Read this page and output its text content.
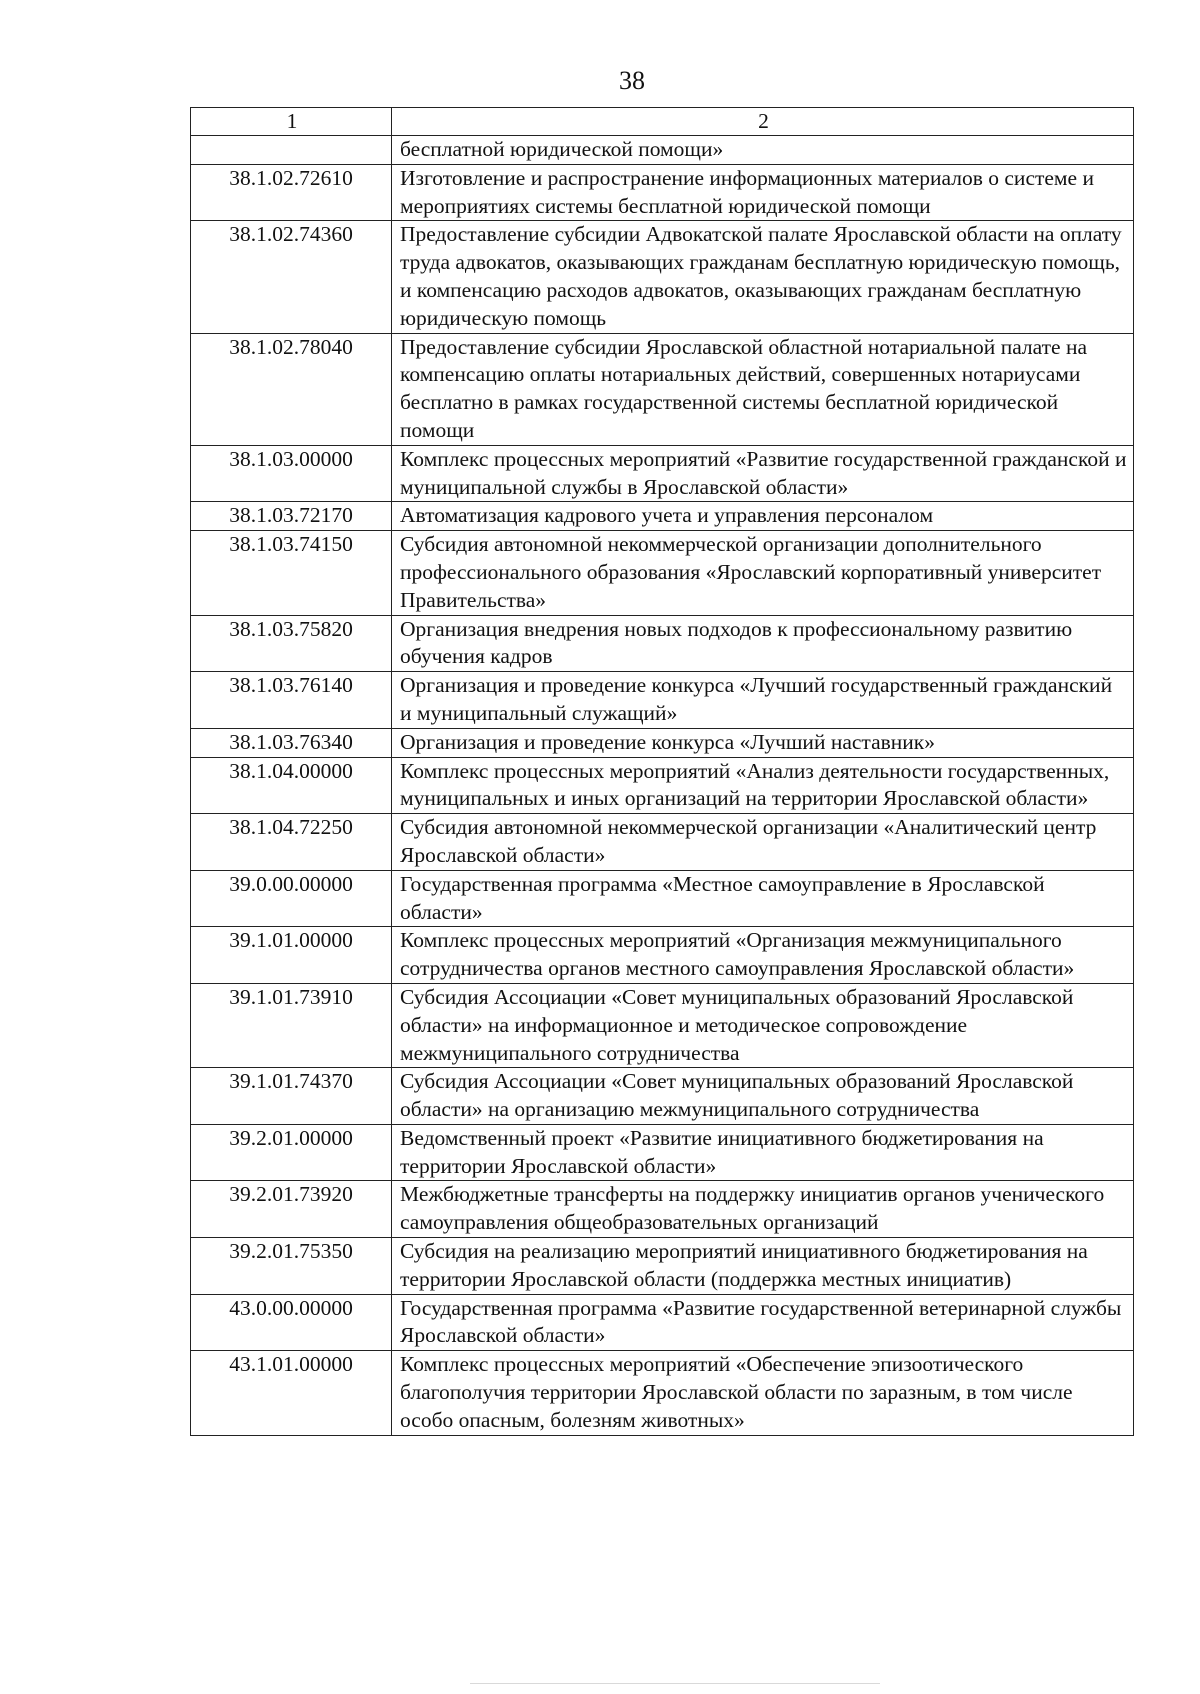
38
1	2
	бесплатной юридической помощи»
38.1.02.72610	Изготовление и распространение информационных материалов о системе и мероприятиях системы бесплатной юридической помощи
38.1.02.74360	Предоставление субсидии Адвокатской палате Ярославской области на оплату труда адвокатов, оказывающих гражданам бесплатную юридическую помощь, и компенсацию расходов адвокатов, оказывающих гражданам бесплатную юридическую помощь
38.1.02.78040	Предоставление субсидии Ярославской областной нотариальной палате на компенсацию оплаты нотариальных действий, совершенных нотариусами бесплатно в рамках государственной системы бесплатной юридической помощи
38.1.03.00000	Комплекс процессных мероприятий «Развитие государственной гражданской и муниципальной службы в Ярославской области»
38.1.03.72170	Автоматизация кадрового учета и управления персоналом
38.1.03.74150	Субсидия автономной некоммерческой организации дополнительного профессионального образования «Ярославский корпоративный университет Правительства»
38.1.03.75820	Организация внедрения новых подходов к профессиональному развитию обучения кадров
38.1.03.76140	Организация и проведение конкурса «Лучший государственный гражданский и муниципальный служащий»
38.1.03.76340	Организация и проведение конкурса «Лучший наставник»
38.1.04.00000	Комплекс процессных мероприятий «Анализ деятельности государственных, муниципальных и иных организаций на территории Ярославской области»
38.1.04.72250	Субсидия автономной некоммерческой организации «Аналитический центр Ярославской области»
39.0.00.00000	Государственная программа «Местное самоуправление в Ярославской области»
39.1.01.00000	Комплекс процессных мероприятий «Организация межмуниципального сотрудничества органов местного самоуправления Ярославской области»
39.1.01.73910	Субсидия Ассоциации «Совет муниципальных образований Ярославской области» на информационное и методическое сопровождение межмуниципального сотрудничества
39.1.01.74370	Субсидия Ассоциации «Совет муниципальных образований Ярославской области» на организацию межмуниципального сотрудничества
39.2.01.00000	Ведомственный проект «Развитие инициативного бюджетирования на территории Ярославской области»
39.2.01.73920	Межбюджетные трансферты на поддержку инициатив органов ученического самоуправления общеобразовательных организаций
39.2.01.75350	Субсидия на реализацию мероприятий инициативного бюджетирования на территории Ярославской области (поддержка местных инициатив)
43.0.00.00000	Государственная программа «Развитие государственной ветеринарной службы Ярославской области»
43.1.01.00000	Комплекс процессных мероприятий «Обеспечение эпизоотического благополучия территории Ярославской области по заразным, в том числе особо опасным, болезням животных»
